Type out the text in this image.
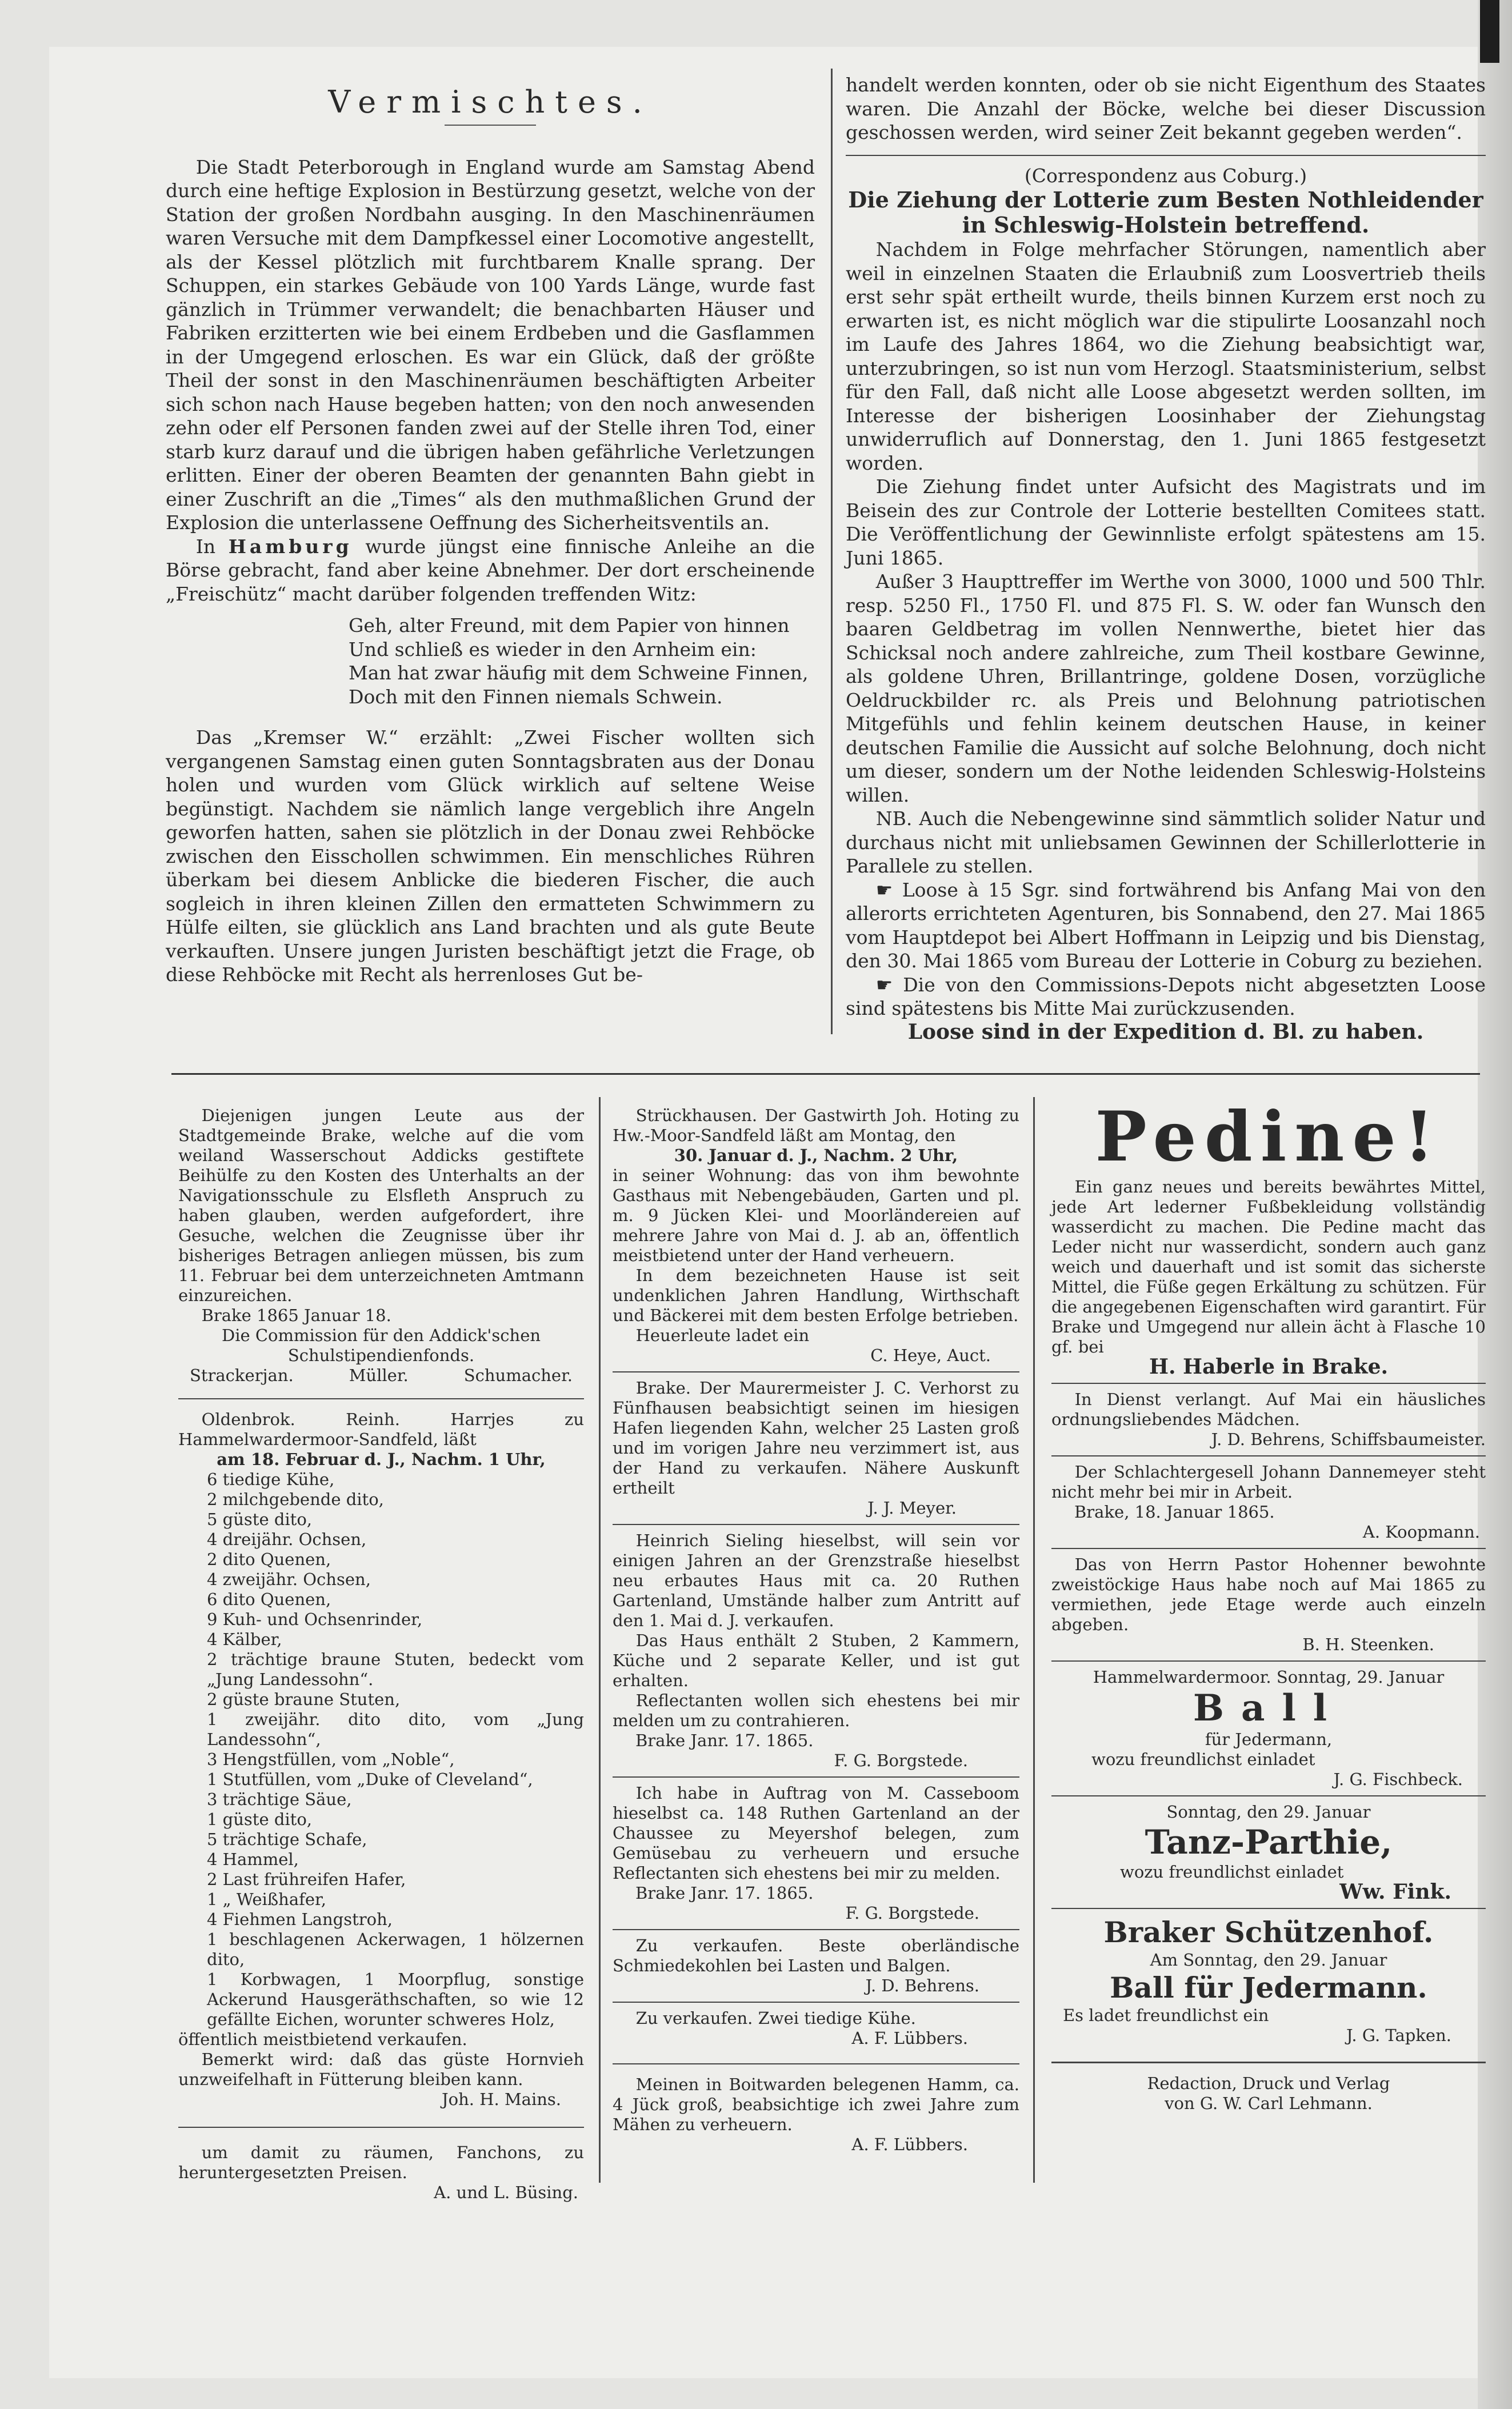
Vermischtes.

Die Stadt Peterborough in England wurde am Samstag Abend durch eine heftige Explosion in Bestürzung gesetzt, welche von der Station der großen Nordbahn ausging. In den Maschinenräumen waren Versuche mit dem Dampfkessel einer Locomotive angestellt, als der Kessel plötzlich mit furchtbarem Knalle sprang. Der Schuppen, ein starkes Gebäude von 100 Yards Länge, wurde fast gänzlich in Trümmer verwandelt; die benachbarten Häuser und Fabriken erzitterten wie bei einem Erdbeben und die Gasflammen in der Umgegend erloschen. Es war ein Glück, daß der größte Theil der sonst in den Maschinenräumen beschäftigten Arbeiter sich schon nach Hause begeben hatten; von den noch anwesenden zehn oder elf Personen fanden zwei auf der Stelle ihren Tod, einer starb kurz darauf und die übrigen haben gefährliche Verletzungen erlitten. Einer der oberen Beamten der genannten Bahn giebt in einer Zuschrift an die „Times“ als den muthmaßlichen Grund der Explosion die unterlassene Oeffnung des Sicherheitsventils an.

In Hamburg wurde jüngst eine finnische Anleihe an die Börse gebracht, fand aber keine Abnehmer. Der dort erscheinende „Freischütz“ macht darüber folgenden treffenden Witz:

Geh, alter Freund, mit dem Papier von hinnen
Und schließ es wieder in den Arnheim ein:
Man hat zwar häufig mit dem Schweine Finnen,
Doch mit den Finnen niemals Schwein.

Das „Kremser W.“ erzählt: „Zwei Fischer wollten sich vergangenen Samstag einen guten Sonntagsbraten aus der Donau holen und wurden vom Glück wirklich auf seltene Weise begünstigt. Nachdem sie nämlich lange vergeblich ihre Angeln geworfen hatten, sahen sie plötzlich in der Donau zwei Rehböcke zwischen den Eisschollen schwimmen. Ein menschliches Rühren überkam bei diesem Anblicke die biederen Fischer, die auch sogleich in ihren kleinen Zillen den ermatteten Schwimmern zu Hülfe eilten, sie glücklich ans Land brachten und als gute Beute verkauften. Unsere jungen Juristen beschäftigt jetzt die Frage, ob diese Rehböcke mit Recht als herrenloses Gut be-

handelt werden konnten, oder ob sie nicht Eigenthum des Staates waren. Die Anzahl der Böcke, welche bei dieser Discussion geschossen werden, wird seiner Zeit bekannt gegeben werden“.

(Correspondenz aus Coburg.)

Die Ziehung der Lotterie zum Besten Nothleidender in Schleswig-Holstein betreffend.

Nachdem in Folge mehrfacher Störungen, namentlich aber weil in einzelnen Staaten die Erlaubniß zum Loosvertrieb theils erst sehr spät ertheilt wurde, theils binnen Kurzem erst noch zu erwarten ist, es nicht möglich war die stipulirte Loosanzahl noch im Laufe des Jahres 1864, wo die Ziehung beabsichtigt war, unterzubringen, so ist nun vom Herzogl. Staatsministerium, selbst für den Fall, daß nicht alle Loose abgesetzt werden sollten, im Interesse der bisherigen Loosinhaber der Ziehungstag unwiderruflich auf Donnerstag, den 1. Juni 1865 festgesetzt worden.

Die Ziehung findet unter Aufsicht des Magistrats und im Beisein des zur Controle der Lotterie bestellten Comitees statt. Die Veröffentlichung der Gewinnliste erfolgt spätestens am 15. Juni 1865.

Außer 3 Haupttreffer im Werthe von 3000, 1000 und 500 Thlr. resp. 5250 Fl., 1750 Fl. und 875 Fl. S. W. oder fan Wunsch den baaren Geldbetrag im vollen Nennwerthe, bietet hier das Schicksal noch andere zahlreiche, zum Theil kostbare Gewinne, als goldene Uhren, Brillantringe, goldene Dosen, vorzügliche Oeldruckbilder rc. als Preis und Belohnung patriotischen Mitgefühls und fehlin keinem deutschen Hause, in keiner deutschen Familie die Aussicht auf solche Belohnung, doch nicht um dieser, sondern um der Nothe leidenden Schleswig-Holsteins willen.

NB. Auch die Nebengewinne sind sämmtlich solider Natur und durchaus nicht mit unliebsamen Gewinnen der Schillerlotterie in Parallele zu stellen.

☛ Loose à 15 Sgr. sind fortwährend bis Anfang Mai von den allerorts errichteten Agenturen, bis Sonnabend, den 27. Mai 1865 vom Hauptdepot bei Albert Hoffmann in Leipzig und bis Dienstag, den 30. Mai 1865 vom Bureau der Lotterie in Coburg zu beziehen.

☛ Die von den Commissions-Depots nicht abgesetzten Loose sind spätestens bis Mitte Mai zurückzusenden.

Loose sind in der Expedition d. Bl. zu haben.

Diejenigen jungen Leute aus der Stadtgemeinde Brake, welche auf die vom weiland Wasserschout Addicks gestiftete Beihülfe zu den Kosten des Unterhalts an der Navigationsschule zu Elsfleth Anspruch zu haben glauben, werden aufgefordert, ihre Gesuche, welchen die Zeugnisse über ihr bisheriges Betragen anliegen müssen, bis zum 11. Februar bei dem unterzeichneten Amtmann einzureichen.

Brake 1865 Januar 18.

Die Commission für den Addick'schen Schulstipendienfonds.

Strackerjan.	Müller.	Schumacher.

Oldenbrok. Reinh. Harrjes zu Hammelwardermoor-Sandfeld, läßt

am 18. Februar d. J., Nachm. 1 Uhr,

6 tiedige Kühe,
2 milchgebende dito,
5 güste dito,
4 dreijähr. Ochsen,
2 dito Quenen,
4 zweijähr. Ochsen,
6 dito Quenen,
9 Kuh- und Ochsenrinder,
4 Kälber,
2 trächtige braune Stuten, bedeckt vom „Jung Landessohn“.
2 güste braune Stuten,
1 zweijähr. dito dito, vom „Jung Landessohn“,
3 Hengstfüllen, vom „Noble“,
1 Stutfüllen, vom „Duke of Cleveland“,
3 trächtige Säue,
1 güste dito,
5 trächtige Schafe,
4 Hammel,
2 Last frühreifen Hafer,
1 „ Weißhafer,
4 Fiehmen Langstroh,
1 beschlagenen Ackerwagen, 1 hölzernen dito,
1 Korbwagen, 1 Moorpflug, sonstige Ackerund Hausgeräthschaften, so wie 12 gefällte Eichen, worunter schweres Holz,

öffentlich meistbietend verkaufen.

Bemerkt wird: daß das güste Hornvieh unzweifelhaft in Fütterung bleiben kann.

Joh. H. Mains.

um damit zu räumen, Fanchons, zu heruntergesetzten Preisen.

A. und L. Büsing.

Strückhausen. Der Gastwirth Joh. Hoting zu Hw.-Moor-Sandfeld läßt am Montag, den

30. Januar d. J., Nachm. 2 Uhr,

in seiner Wohnung: das von ihm bewohnte Gasthaus mit Nebengebäuden, Garten und pl. m. 9 Jücken Klei- und Moorländereien auf mehrere Jahre von Mai d. J. ab an, öffentlich meistbietend unter der Hand verheuern.

In dem bezeichneten Hause ist seit undenklichen Jahren Handlung, Wirthschaft und Bäckerei mit dem besten Erfolge betrieben.

Heuerleute ladet ein

C. Heye, Auct.

Brake. Der Maurermeister J. C. Verhorst zu Fünfhausen beabsichtigt seinen im hiesigen Hafen liegenden Kahn, welcher 25 Lasten groß und im vorigen Jahre neu verzimmert ist, aus der Hand zu verkaufen. Nähere Auskunft ertheilt

J. J. Meyer.

Heinrich Sieling hieselbst, will sein vor einigen Jahren an der Grenzstraße hieselbst neu erbautes Haus mit ca. 20 Ruthen Gartenland, Umstände halber zum Antritt auf den 1. Mai d. J. verkaufen.

Das Haus enthält 2 Stuben, 2 Kammern, Küche und 2 separate Keller, und ist gut erhalten.

Reflectanten wollen sich ehestens bei mir melden um zu contrahieren.

Brake Janr. 17. 1865.

F. G. Borgstede.

Ich habe in Auftrag von M. Casseboom hieselbst ca. 148 Ruthen Gartenland an der Chaussee zu Meyershof belegen, zum Gemüsebau zu verheuern und ersuche Reflectanten sich ehestens bei mir zu melden.

Brake Janr. 17. 1865.

F. G. Borgstede.

Zu verkaufen. Beste oberländische Schmiedekohlen bei Lasten und Balgen.

J. D. Behrens.

Zu verkaufen. Zwei tiedige Kühe.

A. F. Lübbers.

Meinen in Boitwarden belegenen Hamm, ca. 4 Jück groß, beabsichtige ich zwei Jahre zum Mähen zu verheuern.

A. F. Lübbers.

Pedine!

Ein ganz neues und bereits bewährtes Mittel, jede Art lederner Fußbekleidung vollständig wasserdicht zu machen. Die Pedine macht das Leder nicht nur wasserdicht, sondern auch ganz weich und dauerhaft und ist somit das sicherste Mittel, die Füße gegen Erkältung zu schützen. Für die angegebenen Eigenschaften wird garantirt. Für Brake und Umgegend nur allein ächt à Flasche 10 gf. bei

H. Haberle in Brake.

In Dienst verlangt. Auf Mai ein häusliches ordnungsliebendes Mädchen.

J. D. Behrens, Schiffsbaumeister.

Der Schlachtergesell Johann Dannemeyer steht nicht mehr bei mir in Arbeit.

Brake, 18. Januar 1865.

A. Koopmann.

Das von Herrn Pastor Hohenner bewohnte zweistöckige Haus habe noch auf Mai 1865 zu vermiethen, jede Etage werde auch einzeln abgeben.

B. H. Steenken.

Hammelwardermoor. Sonntag, 29. Januar

Ball

für Jedermann,

wozu freundlichst einladet

J. G. Fischbeck.

Sonntag, den 29. Januar

Tanz-Parthie,

wozu freundlichst einladet

Ww. Fink.

Braker Schützenhof.

Am Sonntag, den 29. Januar

Ball für Jedermann.

Es ladet freundlichst ein

J. G. Tapken.

Redaction, Druck und Verlag

von G. W. Carl Lehmann.
